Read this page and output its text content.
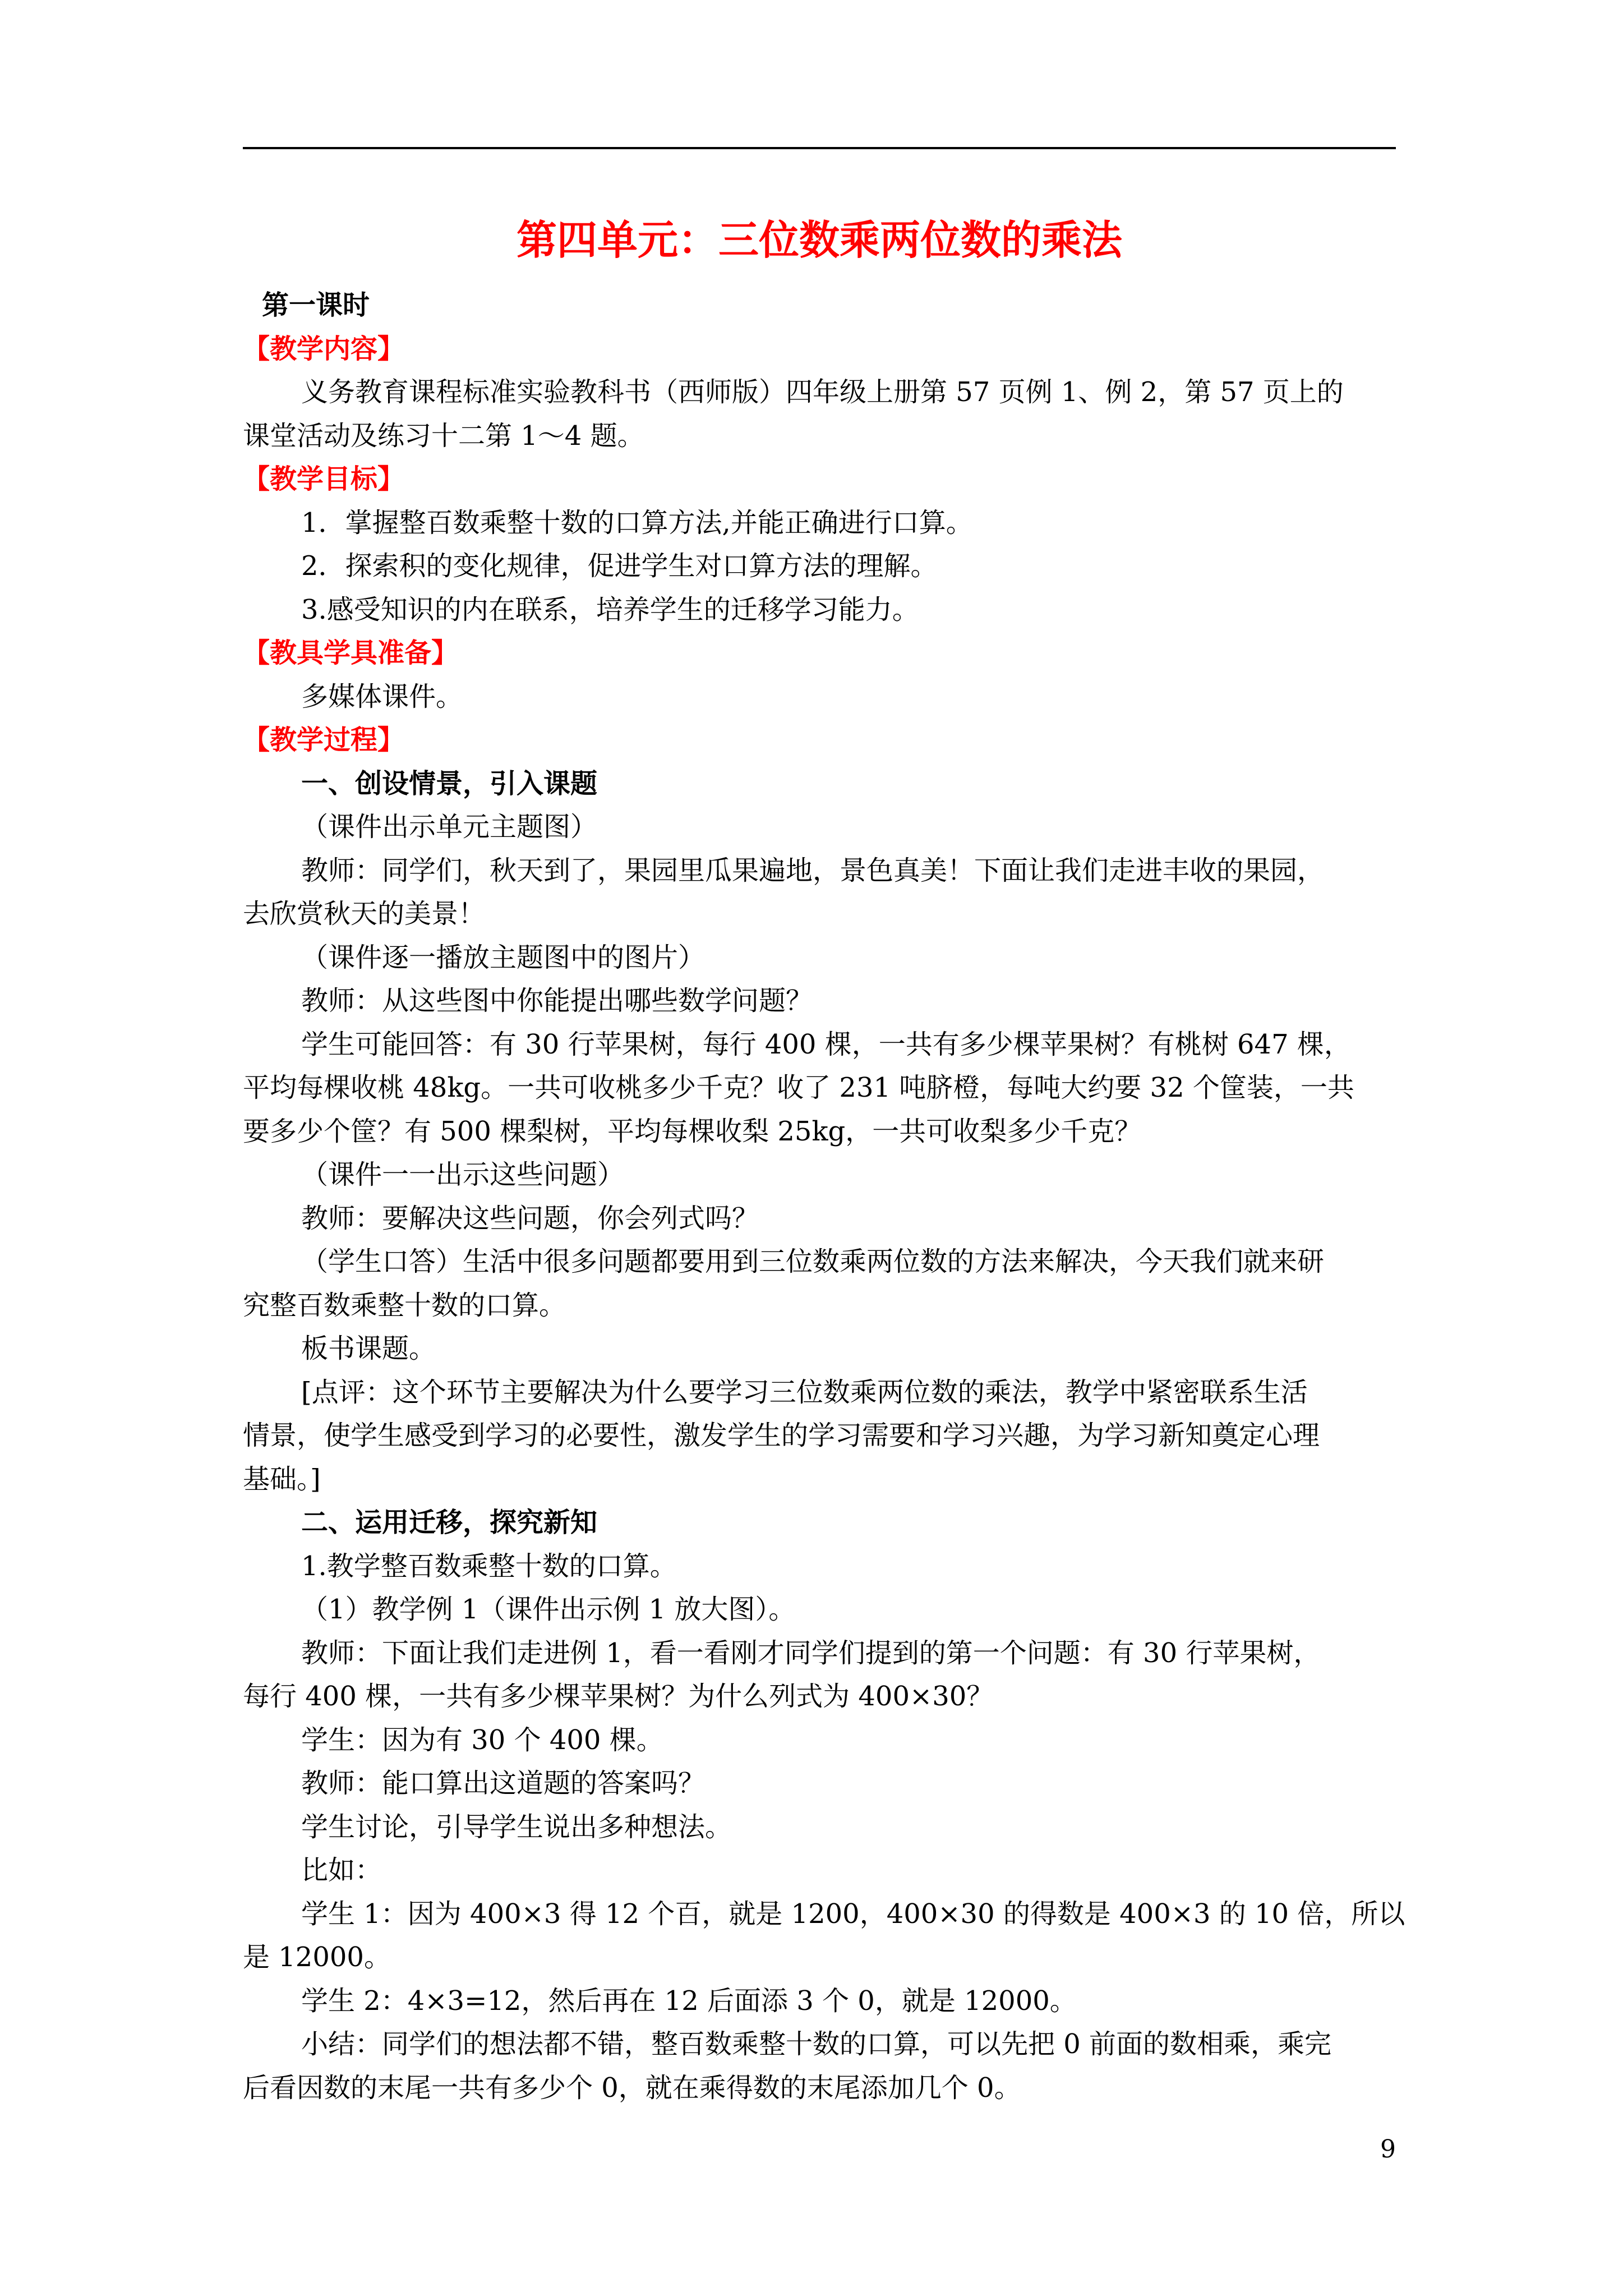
第四单元：三位数乘两位数的乘法

第一课时

【教学内容】

义务教育课程标准实验教科书（西师版）四年级上册第 57 页例 1、例 2，第 57 页上的

课堂活动及练习十二第 1～4 题。

【教学目标】

1．掌握整百数乘整十数的口算方法,并能正确进行口算。

2．探索积的变化规律，促进学生对口算方法的理解。

3.感受知识的内在联系，培养学生的迁移学习能力。

【教具学具准备】

多媒体课件。

【教学过程】

一、创设情景，引入课题

（课件出示单元主题图）

教师：同学们，秋天到了，果园里瓜果遍地，景色真美！下面让我们走进丰收的果园，

去欣赏秋天的美景！

（课件逐一播放主题图中的图片）

教师：从这些图中你能提出哪些数学问题？

学生可能回答：有 30 行苹果树，每行 400 棵，一共有多少棵苹果树？有桃树 647 棵，

平均每棵收桃 48kg。一共可收桃多少千克？收了 231 吨脐橙，每吨大约要 32 个筐装，一共

要多少个筐？有 500 棵梨树，平均每棵收梨 25kg，一共可收梨多少千克？

（课件一一出示这些问题）

教师：要解决这些问题，你会列式吗？

（学生口答）生活中很多问题都要用到三位数乘两位数的方法来解决，今天我们就来研

究整百数乘整十数的口算。

板书课题。

[点评：这个环节主要解决为什么要学习三位数乘两位数的乘法，教学中紧密联系生活

情景，使学生感受到学习的必要性，激发学生的学习需要和学习兴趣，为学习新知奠定心理

基础。]

二、运用迁移，探究新知

1.教学整百数乘整十数的口算。

（1）教学例 1（课件出示例 1 放大图）。

教师：下面让我们走进例 1，看一看刚才同学们提到的第一个问题：有 30 行苹果树，

每行 400 棵，一共有多少棵苹果树？为什么列式为 400×30？

学生：因为有 30 个 400 棵。

教师：能口算出这道题的答案吗？

学生讨论，引导学生说出多种想法。

比如：

学生 1：因为 400×3 得 12 个百，就是 1200，400×30 的得数是 400×3 的 10 倍，所以

是 12000。

学生 2：4×3=12，然后再在 12 后面添 3 个 0，就是 12000。

小结：同学们的想法都不错，整百数乘整十数的口算，可以先把 0 前面的数相乘，乘完

后看因数的末尾一共有多少个 0，就在乘得数的末尾添加几个 0。

9
